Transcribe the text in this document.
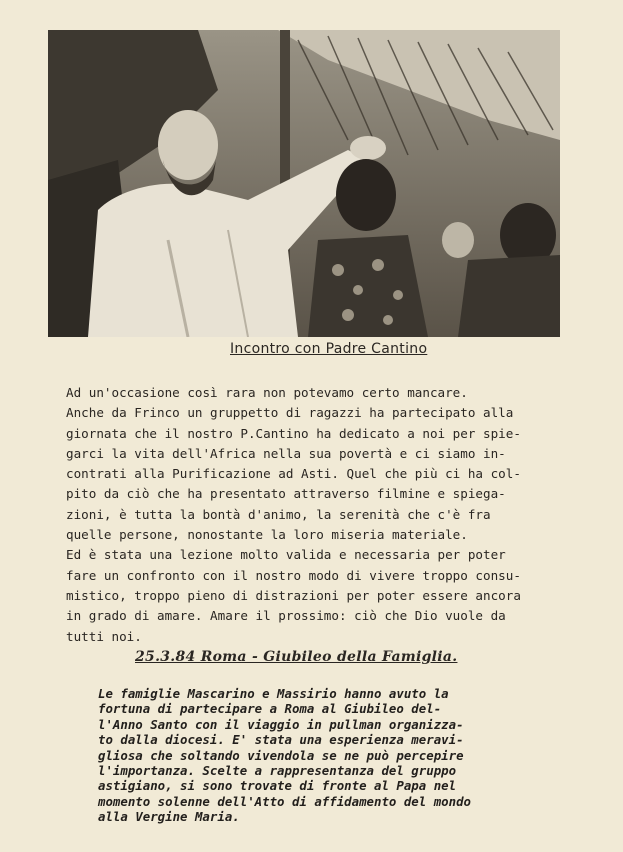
Incontro con Padre Cantino
Ad un'occasione così rara non potevamo certo mancare.
Anche da Frinco un gruppetto di ragazzi ha partecipato alla
giornata che il nostro P.Cantino ha dedicato a noi per spie-
garci la vita dell'Africa nella sua povertà e ci siamo in-
contrati alla Purificazione ad Asti. Quel che più ci ha col-
pito da ciò che ha presentato attraverso filmine e spiega-
zioni, è tutta la bontà d'animo, la serenità che c'è fra
quelle persone, nonostante la loro miseria materiale.
Ed è stata una lezione molto valida e necessaria per poter
fare un confronto con il nostro modo di vivere troppo consu-
mistico, troppo pieno di distrazioni per poter essere ancora
in grado di amare. Amare il prossimo: ciò che Dio vuole da
tutti noi.
25.3.84 Roma - Giubileo della Famiglia.
Le famiglie Mascarino e Massirio hanno avuto la
fortuna di partecipare a Roma al Giubileo del-
l'Anno Santo con il viaggio in pullman organizza-
to dalla diocesi. E' stata una esperienza meravi-
gliosa che soltando vivendola se ne può percepire
l'importanza. Scelte a rappresentanza del gruppo
astigiano, si sono trovate di fronte al Papa nel
momento solenne dell'Atto di affidamento del mondo
alla Vergine Maria.
